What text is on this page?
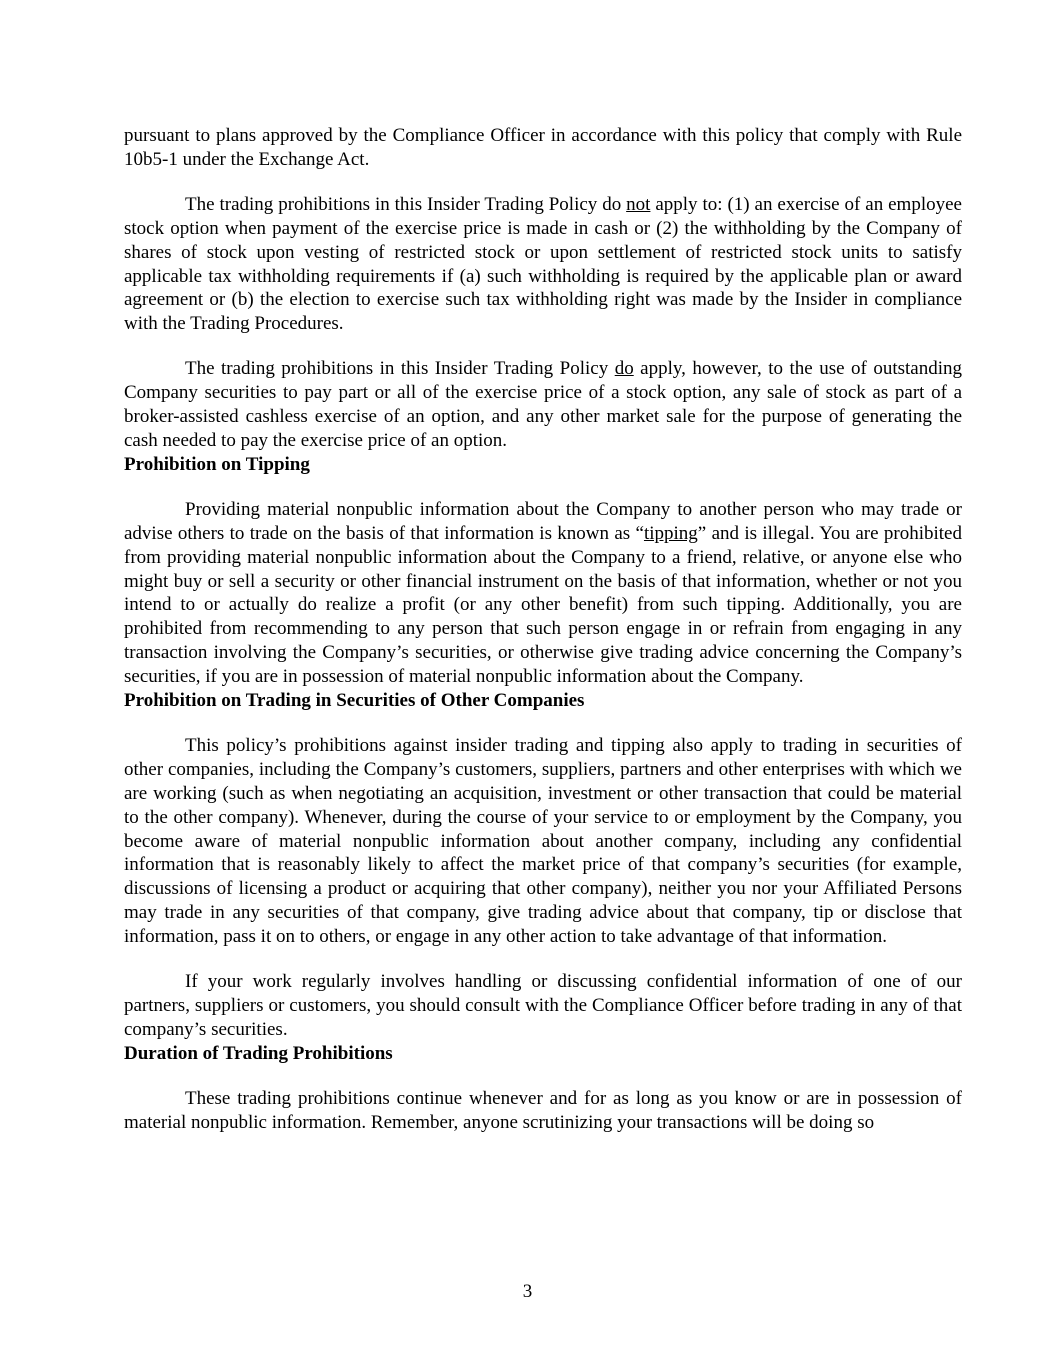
pursuant to plans approved by the Compliance Officer in accordance with this policy that comply with Rule 10b5-1 under the Exchange Act.

The trading prohibitions in this Insider Trading Policy do not apply to: (1) an exercise of an employee stock option when payment of the exercise price is made in cash or (2) the withholding by the Company of shares of stock upon vesting of restricted stock or upon settlement of restricted stock units to satisfy applicable tax withholding requirements if (a) such withholding is required by the applicable plan or award agreement or (b) the election to exercise such tax withholding right was made by the Insider in compliance with the Trading Procedures.

The trading prohibitions in this Insider Trading Policy do apply, however, to the use of outstanding Company securities to pay part or all of the exercise price of a stock option, any sale of stock as part of a broker-assisted cashless exercise of an option, and any other market sale for the purpose of generating the cash needed to pay the exercise price of an option.

Prohibition on Tipping

Providing material nonpublic information about the Company to another person who may trade or advise others to trade on the basis of that information is known as “tipping” and is illegal. You are prohibited from providing material nonpublic information about the Company to a friend, relative, or anyone else who might buy or sell a security or other financial instrument on the basis of that information, whether or not you intend to or actually do realize a profit (or any other benefit) from such tipping. Additionally, you are prohibited from recommending to any person that such person engage in or refrain from engaging in any transaction involving the Company’s securities, or otherwise give trading advice concerning the Company’s securities, if you are in possession of material nonpublic information about the Company.

Prohibition on Trading in Securities of Other Companies

This policy’s prohibitions against insider trading and tipping also apply to trading in securities of other companies, including the Company’s customers, suppliers, partners and other enterprises with which we are working (such as when negotiating an acquisition, investment or other transaction that could be material to the other company). Whenever, during the course of your service to or employment by the Company, you become aware of material nonpublic information about another company, including any confidential information that is reasonably likely to affect the market price of that company’s securities (for example, discussions of licensing a product or acquiring that other company), neither you nor your Affiliated Persons may trade in any securities of that company, give trading advice about that company, tip or disclose that information, pass it on to others, or engage in any other action to take advantage of that information.

If your work regularly involves handling or discussing confidential information of one of our partners, suppliers or customers, you should consult with the Compliance Officer before trading in any of that company’s securities.

Duration of Trading Prohibitions

These trading prohibitions continue whenever and for as long as you know or are in possession of material nonpublic information. Remember, anyone scrutinizing your transactions will be doing so

3
